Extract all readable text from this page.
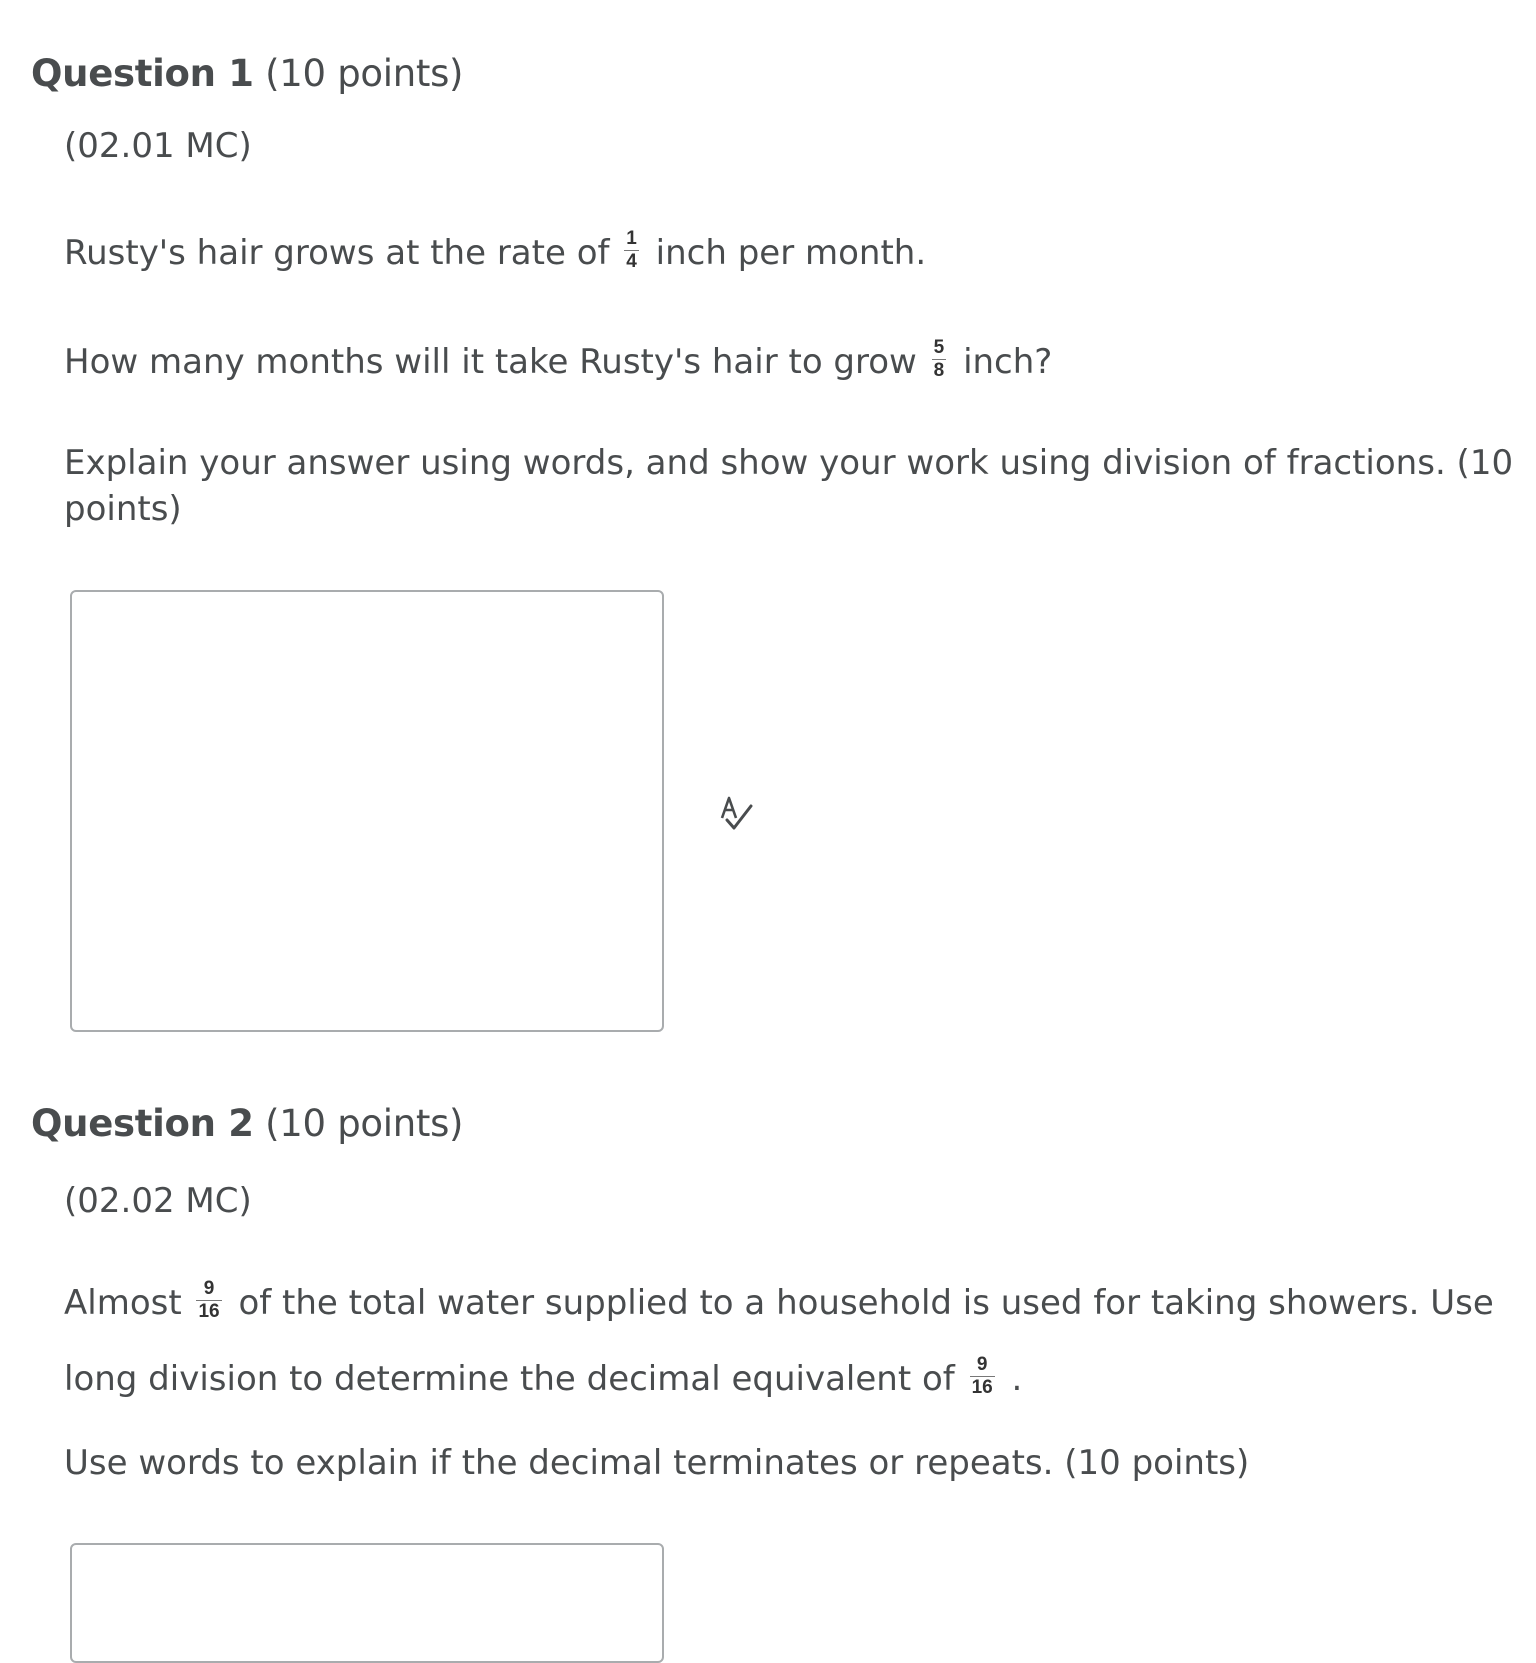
Question 1 (10 points)
(02.01 MC)
Rusty's hair grows at the rate of $\frac{1}{4}$ inch per month.
How many months will it take Rusty's hair to grow $\frac{5}{8}$ inch?
Explain your answer using words, and show your work using division of fractions. (10 points)
Question 2 (10 points)
(02.02 MC)
Almost $\frac{9}{16}$ of the total water supplied to a household is used for taking showers. Use
long division to determine the decimal equivalent of $\frac{9}{16}$ .
Use words to explain if the decimal terminates or repeats. (10 points)
